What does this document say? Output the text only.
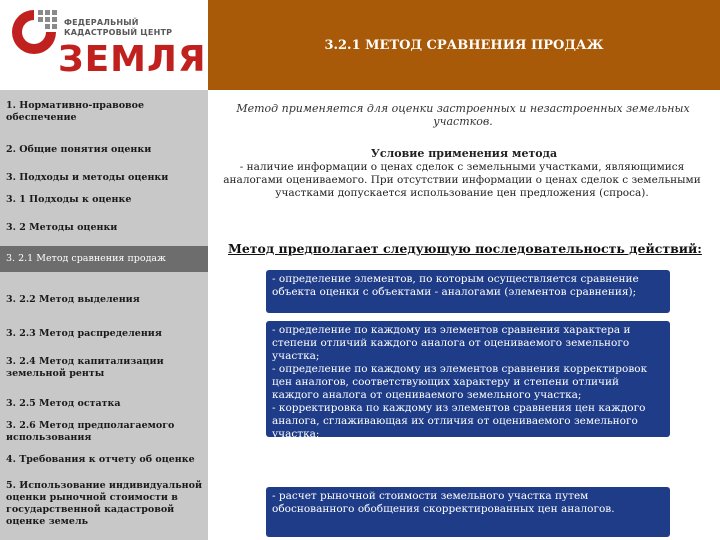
ФЕДЕРАЛЬНЫЙ
КАДАСТРОВЫЙ ЦЕНТР
ЗЕМЛЯ	3.2.1 МЕТОД СРАВНЕНИЯ ПРОДАЖ
1. Нормативно-правовое обеспечение
2. Общие понятия оценки
3. Подходы и методы оценки
3. 1 Подходы к оценке
3. 2 Методы оценки
3. 2.1 Метод сравнения продаж
3. 2.2 Метод выделения
3. 2.3 Метод распределения
3. 2.4 Метод капитализации земельной ренты
3. 2.5 Метод остатка
3. 2.6 Метод предполагаемого использования
4. Требования к отчету об оценке
5. Использование индивидуальной оценки рыночной стоимости в государственной кадастровой оценке земель
Метод применяется для оценки застроенных и незастроенных земельных участков.
Условие применения метода
- наличие информации о ценах сделок с земельными участками, являющимися аналогами оцениваемого. При отсутствии информации о ценах сделок с земельными участками допускается использование цен предложения (спроса).
Метод предполагает следующую последовательность действий:

- определение элементов, по которым осуществляется сравнение объекта оценки с объектами - аналогами (элементов сравнения);

- определение по каждому из элементов сравнения характера и степени отличий каждого аналога от оцениваемого земельного участка;

- определение по каждому из элементов сравнения корректировок цен аналогов, соответствующих характеру и степени отличий каждого аналога от оцениваемого земельного участка;

- корректировка по каждому из элементов сравнения цен каждого аналога, сглаживающая их отличия от оцениваемого земельного участка;

- расчет рыночной стоимости земельного участка путем обоснованного обобщения скорректированных цен аналогов.
